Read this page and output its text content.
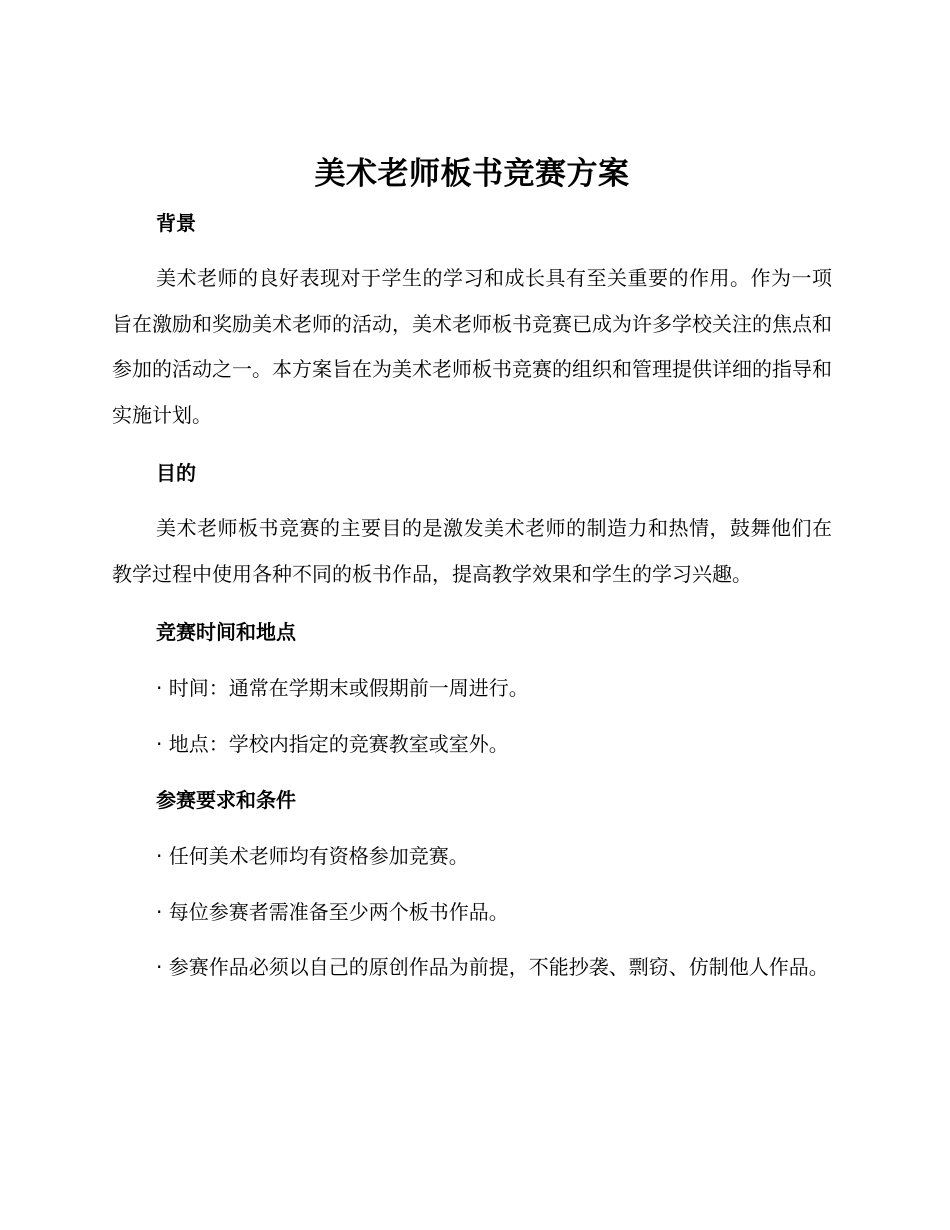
美术老师板书竞赛方案
背景

美术老师的良好表现对于学生的学习和成长具有至关重要的作用。作为一项旨在激励和奖励美术老师的活动，美术老师板书竞赛已成为许多学校关注的焦点和参加的活动之一。本方案旨在为美术老师板书竞赛的组织和管理提供详细的指导和实施计划。

目的

美术老师板书竞赛的主要目的是激发美术老师的制造力和热情，鼓舞他们在教学过程中使用各种不同的板书作品，提高教学效果和学生的学习兴趣。

竞赛时间和地点

· 时间：通常在学期末或假期前一周进行。

· 地点：学校内指定的竞赛教室或室外。

参赛要求和条件

· 任何美术老师均有资格参加竞赛。

· 每位参赛者需准备至少两个板书作品。

· 参赛作品必须以自己的原创作品为前提，不能抄袭、剽窃、仿制他人作品。
